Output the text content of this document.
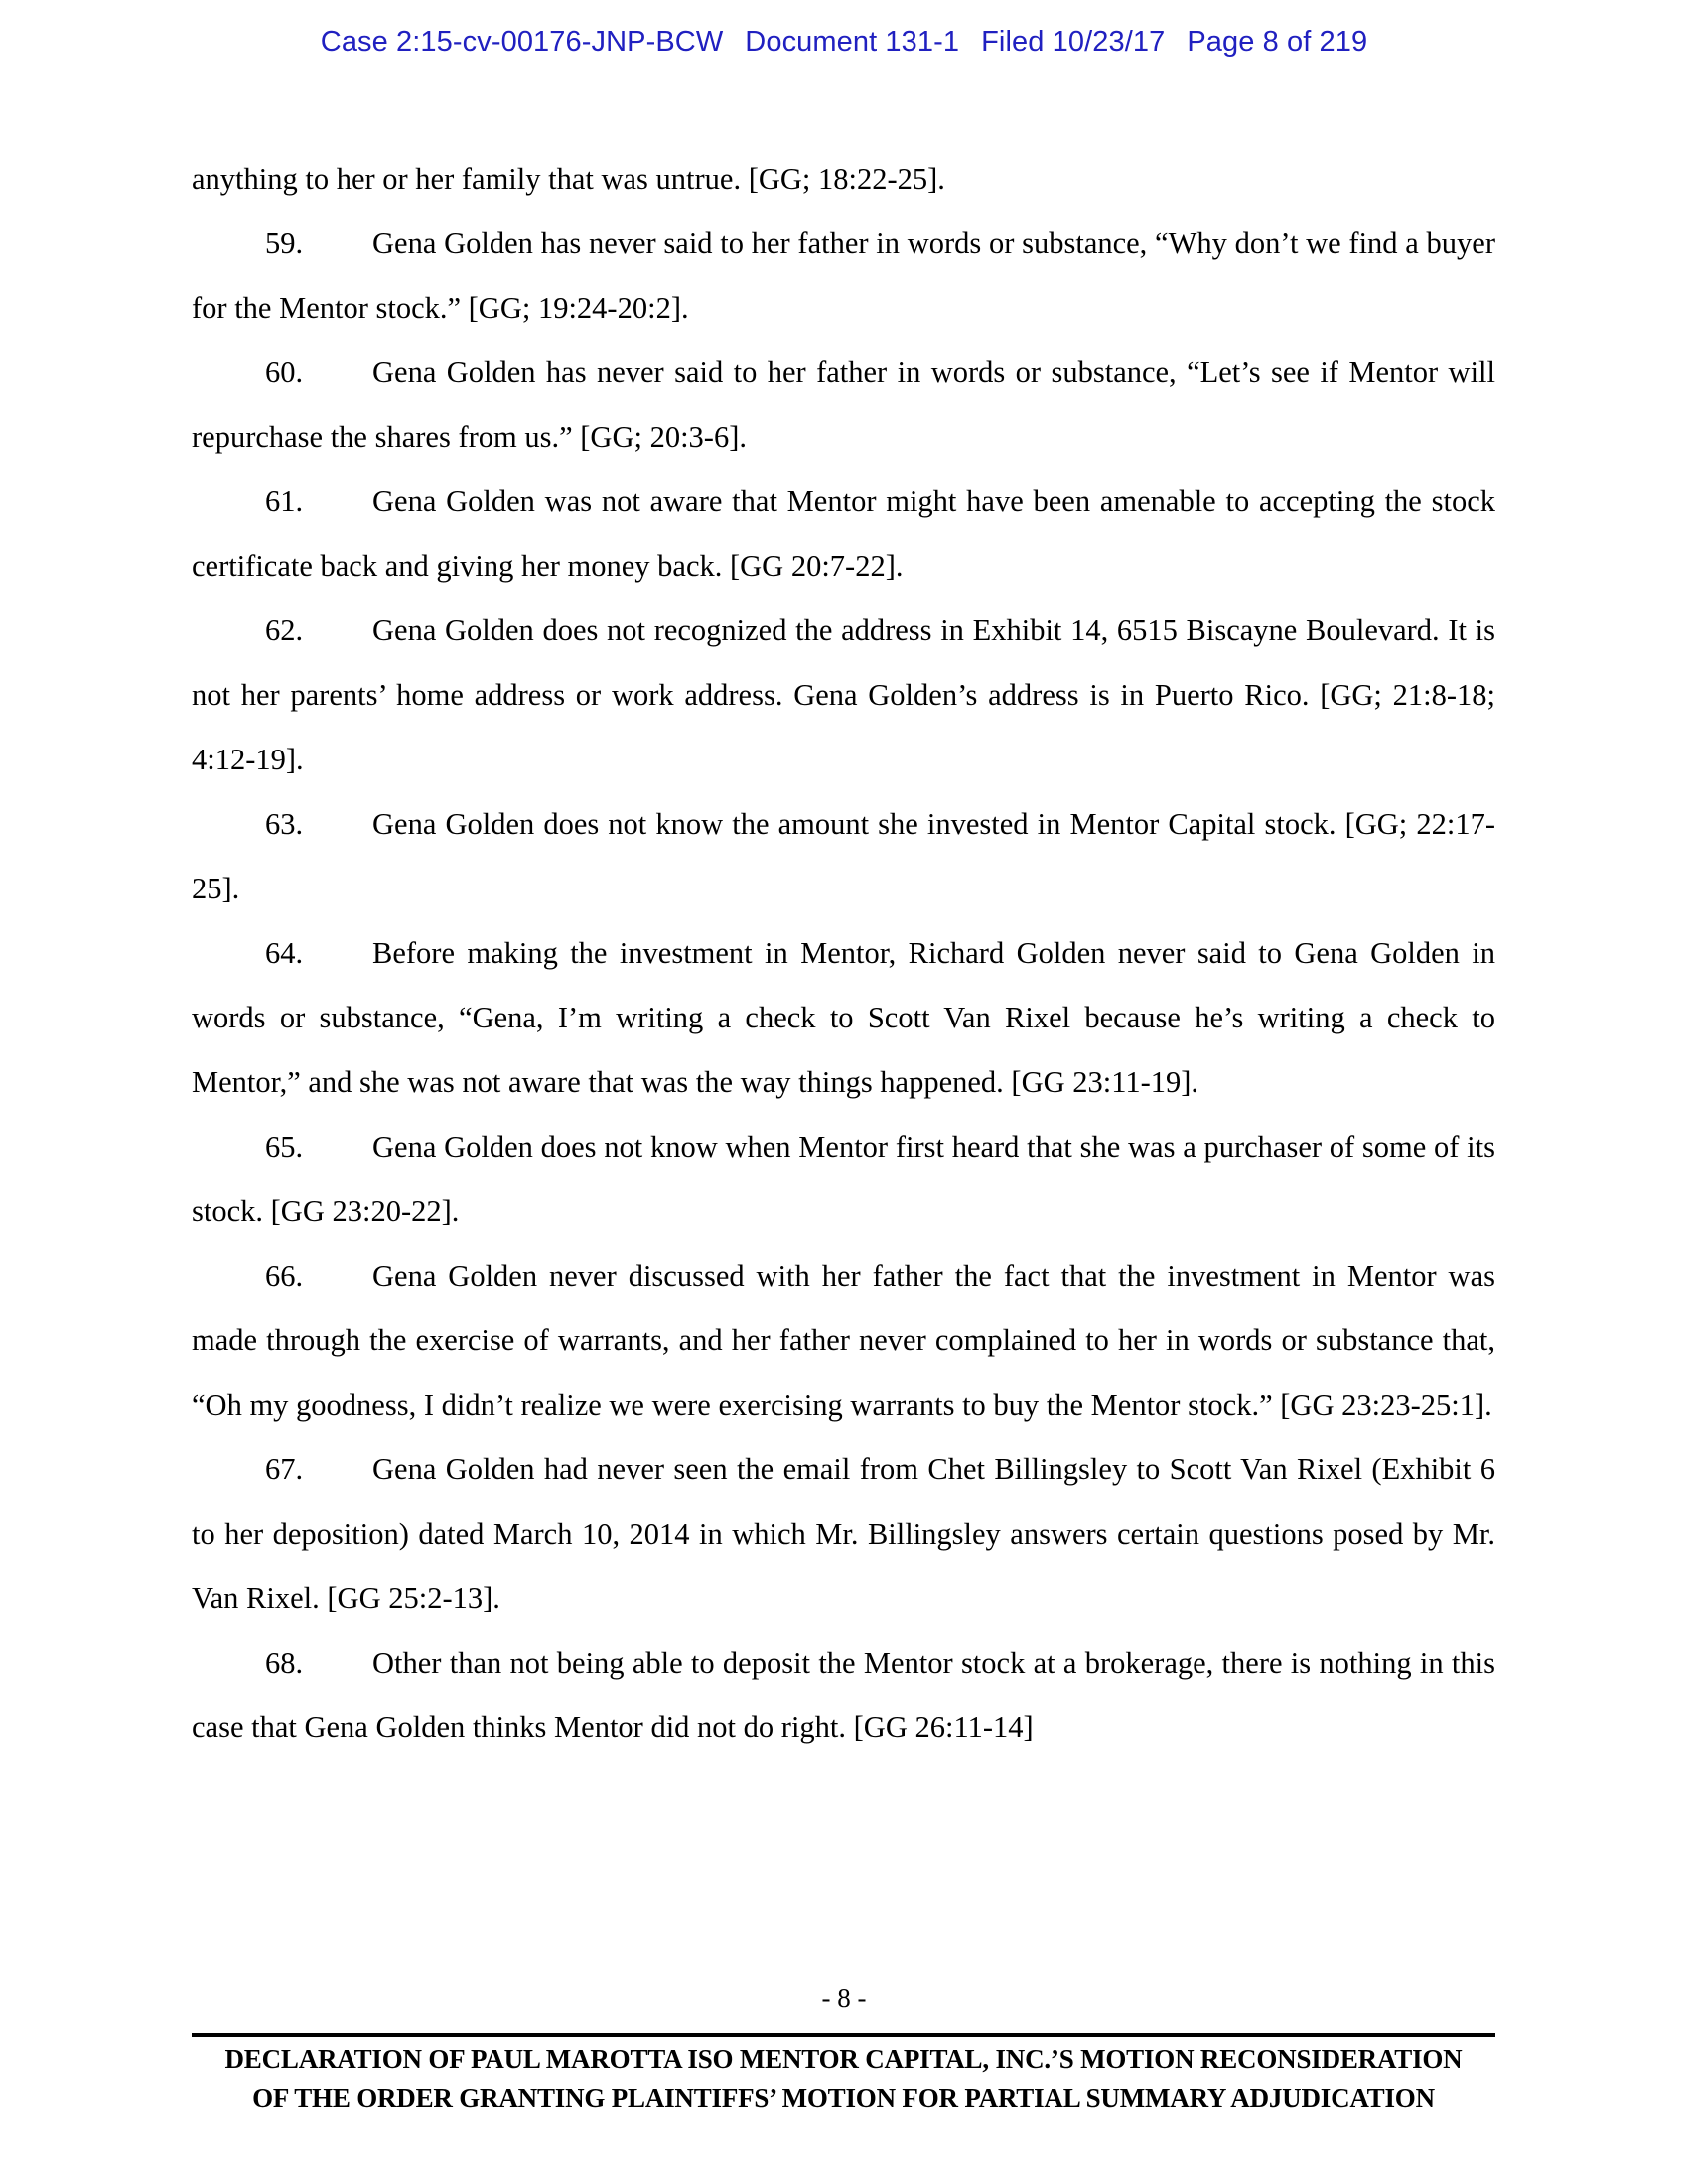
Case 2:15-cv-00176-JNP-BCW Document 131-1 Filed 10/23/17 Page 8 of 219

anything to her or her family that was untrue. [GG; 18:22-25].

59. Gena Golden has never said to her father in words or substance, “Why don’t we find a buyer for the Mentor stock.” [GG; 19:24-20:2].

60. Gena Golden has never said to her father in words or substance, “Let’s see if Mentor will repurchase the shares from us.” [GG; 20:3-6].

61. Gena Golden was not aware that Mentor might have been amenable to accepting the stock certificate back and giving her money back. [GG 20:7-22].

62. Gena Golden does not recognized the address in Exhibit 14, 6515 Biscayne Boulevard. It is not her parents’ home address or work address. Gena Golden’s address is in Puerto Rico. [GG; 21:8-18; 4:12-19].

63. Gena Golden does not know the amount she invested in Mentor Capital stock. [GG; 22:17-25].

64. Before making the investment in Mentor, Richard Golden never said to Gena Golden in words or substance, “Gena, I’m writing a check to Scott Van Rixel because he’s writing a check to Mentor,” and she was not aware that was the way things happened. [GG 23:11-19].

65. Gena Golden does not know when Mentor first heard that she was a purchaser of some of its stock. [GG 23:20-22].

66. Gena Golden never discussed with her father the fact that the investment in Mentor was made through the exercise of warrants, and her father never complained to her in words or substance that, “Oh my goodness, I didn’t realize we were exercising warrants to buy the Mentor stock.” [GG 23:23-25:1].

67. Gena Golden had never seen the email from Chet Billingsley to Scott Van Rixel (Exhibit 6 to her deposition) dated March 10, 2014 in which Mr. Billingsley answers certain questions posed by Mr. Van Rixel. [GG 25:2-13].

68. Other than not being able to deposit the Mentor stock at a brokerage, there is nothing in this case that Gena Golden thinks Mentor did not do right. [GG 26:11-14]

- 8 -
DECLARATION OF PAUL MAROTTA ISO MENTOR CAPITAL, INC.’S MOTION RECONSIDERATION
OF THE ORDER GRANTING PLAINTIFFS’ MOTION FOR PARTIAL SUMMARY ADJUDICATION
